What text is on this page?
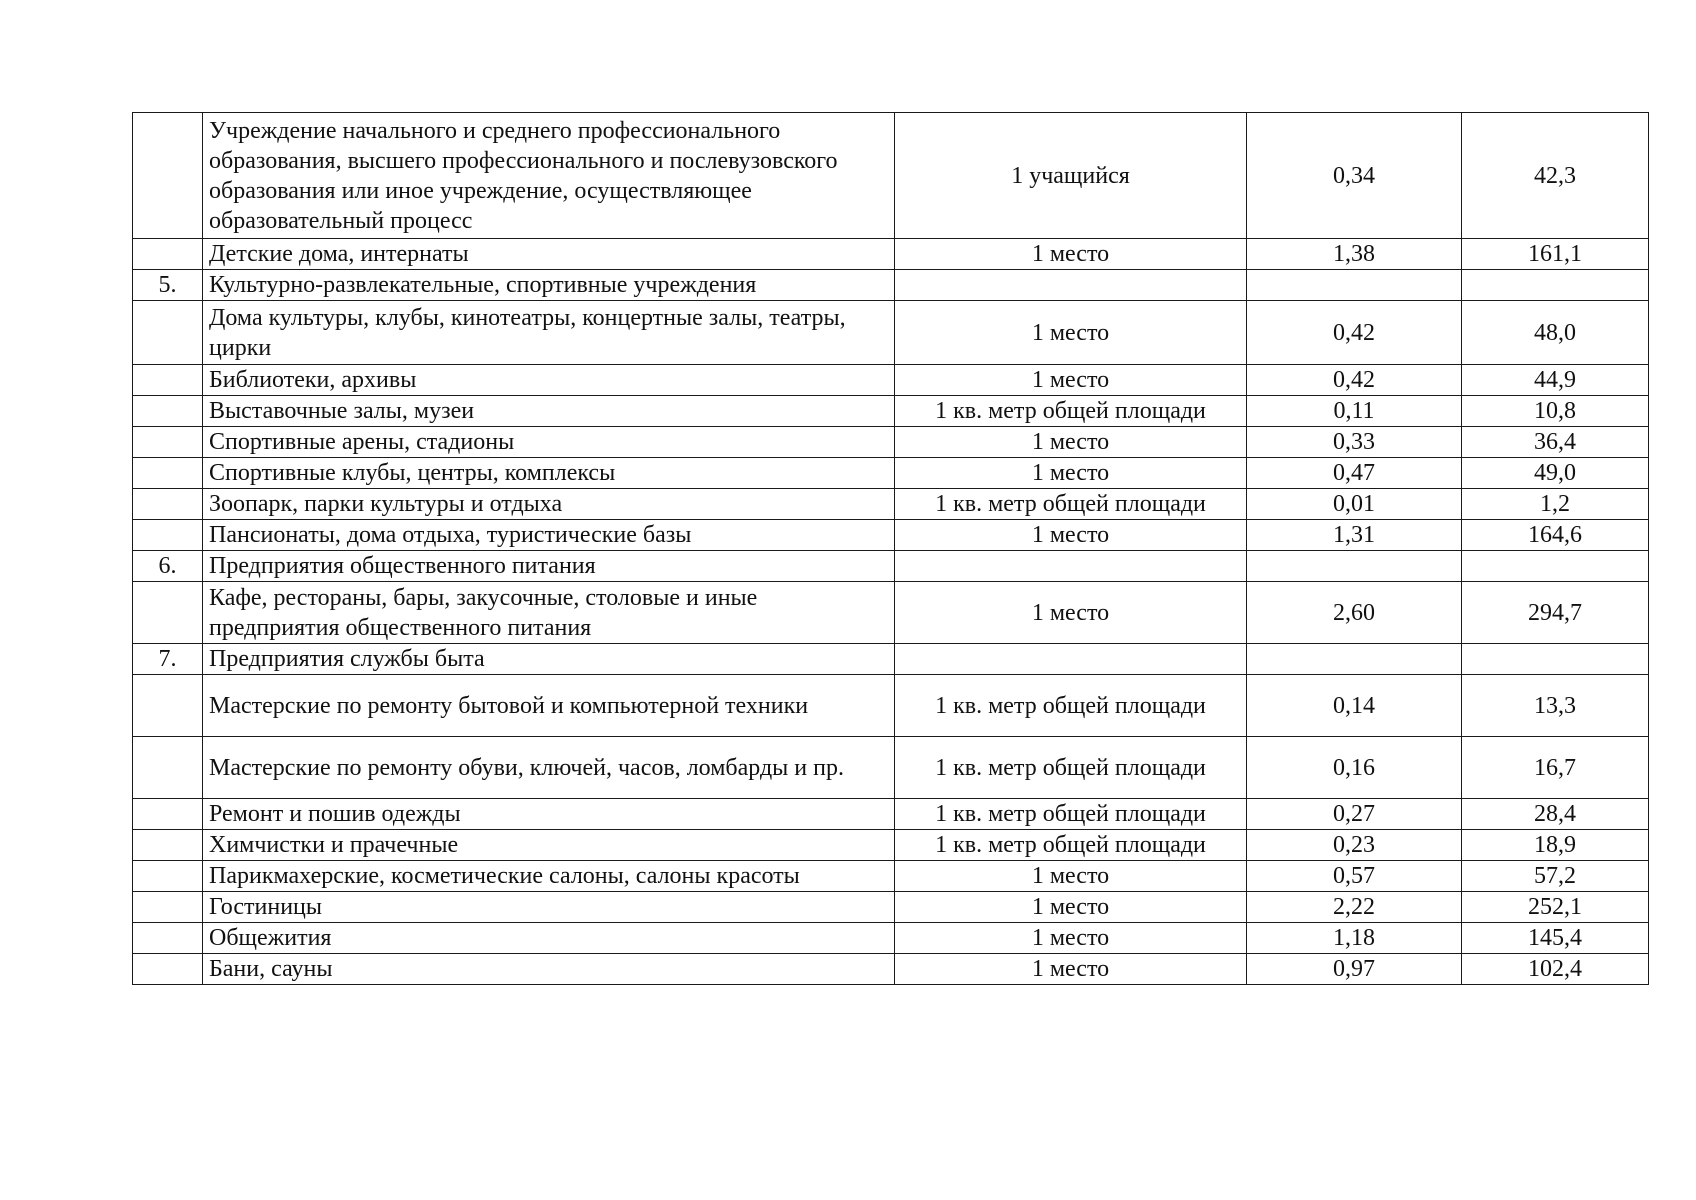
	Учреждение начального и среднего профессионального образования, высшего профессионального и послевузовского образования или иное учреждение, осуществляющее образовательный процесс	1 учащийся	0,34	42,3
	Детские дома, интернаты	1 место	1,38	161,1
5.	Культурно-развлекательные, спортивные учреждения			
	Дома культуры, клубы, кинотеатры, концертные залы, театры, цирки	1 место	0,42	48,0
	Библиотеки, архивы	1 место	0,42	44,9
	Выставочные залы, музеи	1 кв. метр общей площади	0,11	10,8
	Спортивные арены, стадионы	1 место	0,33	36,4
	Спортивные клубы, центры, комплексы	1 место	0,47	49,0
	Зоопарк, парки культуры и отдыха	1 кв. метр общей площади	0,01	1,2
	Пансионаты, дома отдыха, туристические базы	1 место	1,31	164,6
6.	Предприятия общественного питания			
	Кафе, рестораны, бары, закусочные, столовые и иные предприятия общественного питания	1 место	2,60	294,7
7.	Предприятия службы быта			
	Мастерские по ремонту бытовой и компьютерной техники	1 кв. метр общей площади	0,14	13,3
	Мастерские по ремонту обуви, ключей, часов, ломбарды и пр.	1 кв. метр общей площади	0,16	16,7
	Ремонт и пошив одежды	1 кв. метр общей площади	0,27	28,4
	Химчистки и прачечные	1 кв. метр общей площади	0,23	18,9
	Парикмахерские, косметические салоны, салоны красоты	1 место	0,57	57,2
	Гостиницы	1 место	2,22	252,1
	Общежития	1 место	1,18	145,4
	Бани, сауны	1 место	0,97	102,4
